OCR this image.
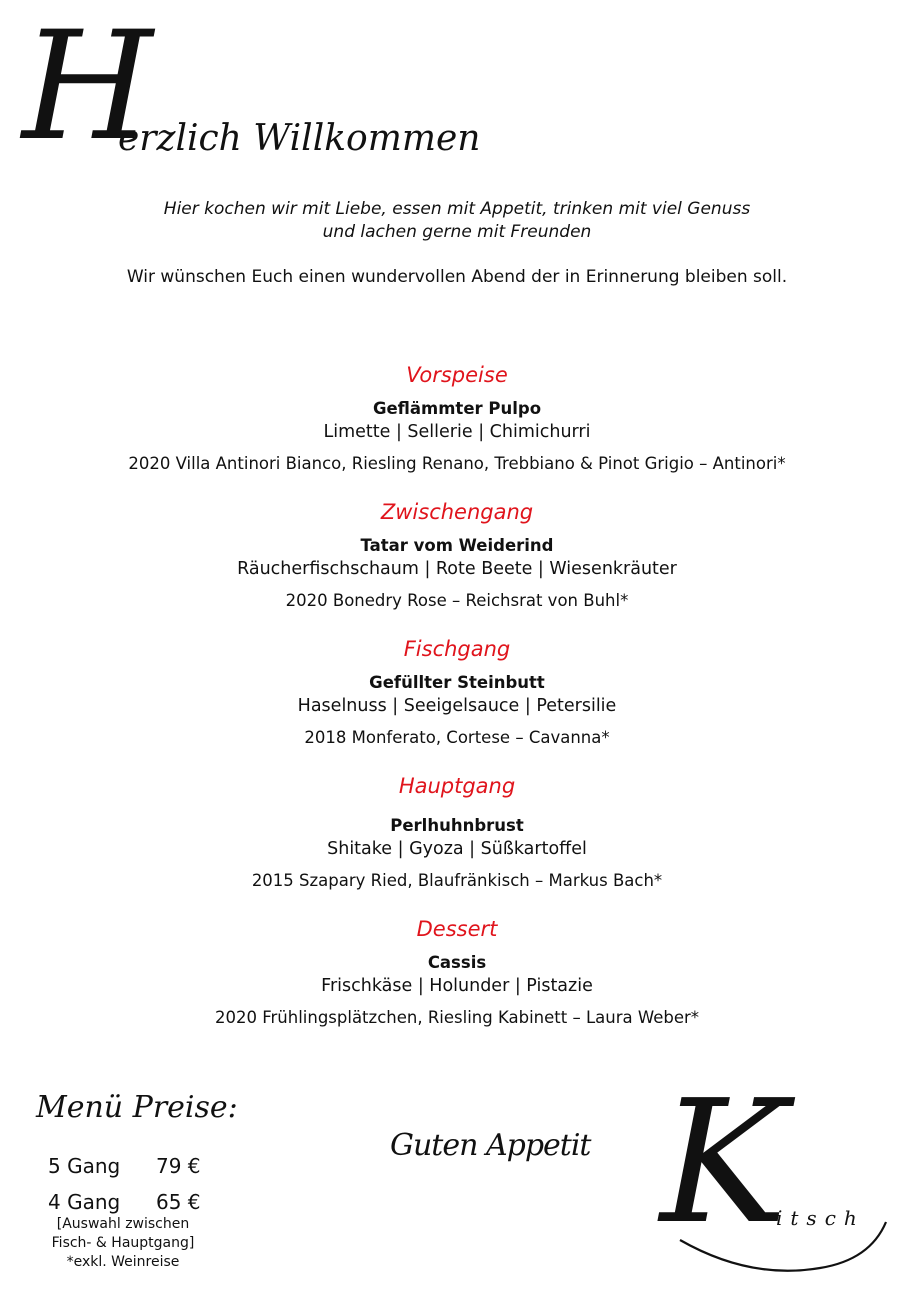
H
erzlich Willkommen
Hier kochen wir mit Liebe, essen mit Appetit, trinken mit viel Genuss
und lachen gerne mit Freunden
Wir wünschen Euch einen wundervollen Abend der in Erinnerung bleiben soll.
Vorspeise
Geflämmter Pulpo
Limette | Sellerie | Chimichurri
2020 Villa Antinori Bianco, Riesling Renano, Trebbiano & Pinot Grigio – Antinori*
Zwischengang
Tatar vom Weiderind
Räucherfischschaum | Rote Beete | Wiesenkräuter
2020 Bonedry Rose – Reichsrat von Buhl*
Fischgang
Gefüllter Steinbutt
Haselnuss | Seeigelsauce | Petersilie
2018 Monferato, Cortese – Cavanna*
Hauptgang
Perlhuhnbrust
Shitake | Gyoza | Süßkartoffel
2015 Szapary Ried, Blaufränkisch – Markus Bach*
Dessert
Cassis
Frischkäse | Holunder | Pistazie
2020 Frühlingsplätzchen, Riesling Kabinett – Laura Weber*
Menü Preise:
5 Gang 79 €
4 Gang 65 €
[Auswahl zwischen
Fisch- & Hauptgang]
*exkl. Weinreise
Guten Appetit K
itsch
